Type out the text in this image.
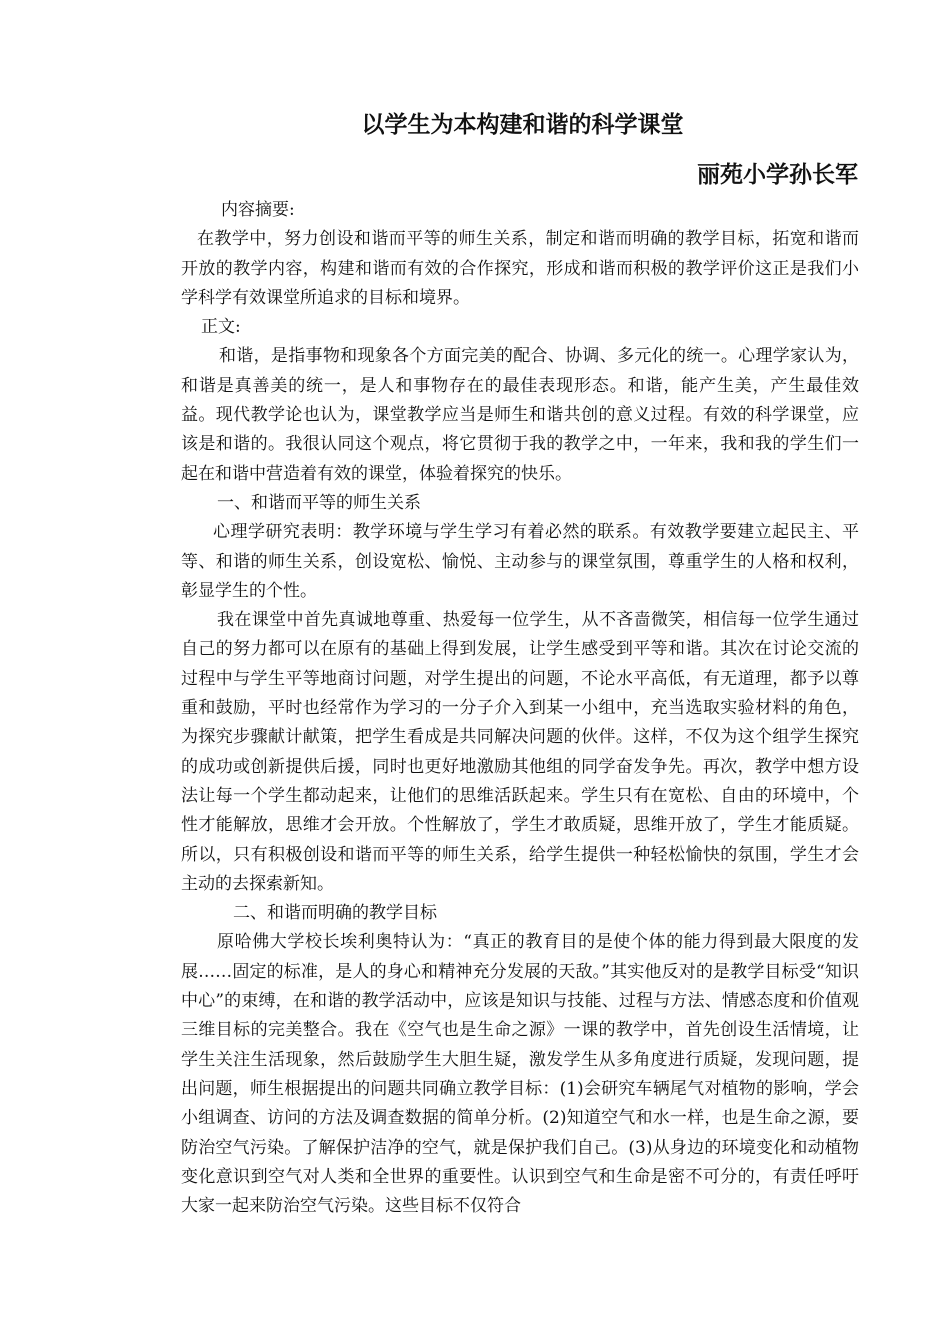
以学生为本构建和谐的科学课堂
丽苑小学孙长军

内容摘要:

在教学中，努力创设和谐而平等的师生关系，制定和谐而明确的教学目标，拓宽和谐而开放的教学内容，构建和谐而有效的合作探究，形成和谐而积极的教学评价这正是我们小学科学有效课堂所追求的目标和境界。

正文:

和谐，是指事物和现象各个方面完美的配合、协调、多元化的统一。心理学家认为，和谐是真善美的统一，是人和事物存在的最佳表现形态。和谐，能产生美，产生最佳效益。现代教学论也认为，课堂教学应当是师生和谐共创的意义过程。有效的科学课堂，应该是和谐的。我很认同这个观点，将它贯彻于我的教学之中，一年来，我和我的学生们一起在和谐中营造着有效的课堂，体验着探究的快乐。

一、和谐而平等的师生关系

心理学研究表明：教学环境与学生学习有着必然的联系。有效教学要建立起民主、平等、和谐的师生关系，创设宽松、愉悦、主动参与的课堂氛围，尊重学生的人格和权利，彰显学生的个性。

我在课堂中首先真诚地尊重、热爱每一位学生，从不吝啬微笑，相信每一位学生通过自己的努力都可以在原有的基础上得到发展，让学生感受到平等和谐。其次在讨论交流的过程中与学生平等地商讨问题，对学生提出的问题，不论水平高低，有无道理，都予以尊重和鼓励，平时也经常作为学习的一分子介入到某一小组中，充当选取实验材料的角色，为探究步骤献计献策，把学生看成是共同解决问题的伙伴。这样，不仅为这个组学生探究的成功或创新提供后援，同时也更好地激励其他组的同学奋发争先。再次，教学中想方设法让每一个学生都动起来，让他们的思维活跃起来。学生只有在宽松、自由的环境中，个性才能解放，思维才会开放。个性解放了，学生才敢质疑，思维开放了，学生才能质疑。所以，只有积极创设和谐而平等的师生关系，给学生提供一种轻松愉快的氛围，学生才会主动的去探索新知。

二、和谐而明确的教学目标

原哈佛大学校长埃利奥特认为：“真正的教育目的是使个体的能力得到最大限度的发展……固定的标准，是人的身心和精神充分发展的天敌。”其实他反对的是教学目标受“知识中心”的束缚，在和谐的教学活动中，应该是知识与技能、过程与方法、情感态度和价值观三维目标的完美整合。我在《空气也是生命之源》一课的教学中，首先创设生活情境，让学生关注生活现象，然后鼓励学生大胆生疑，激发学生从多角度进行质疑，发现问题，提出问题，师生根据提出的问题共同确立教学目标：(1)会研究车辆尾气对植物的影响，学会小组调查、访问的方法及调查数据的简单分析。(2)知道空气和水一样，也是生命之源，要防治空气污染。了解保护洁净的空气，就是保护我们自己。(3)从身边的环境变化和动植物变化意识到空气对人类和全世界的重要性。认识到空气和生命是密不可分的，有责任呼吁大家一起来防治空气污染。这些目标不仅符合
